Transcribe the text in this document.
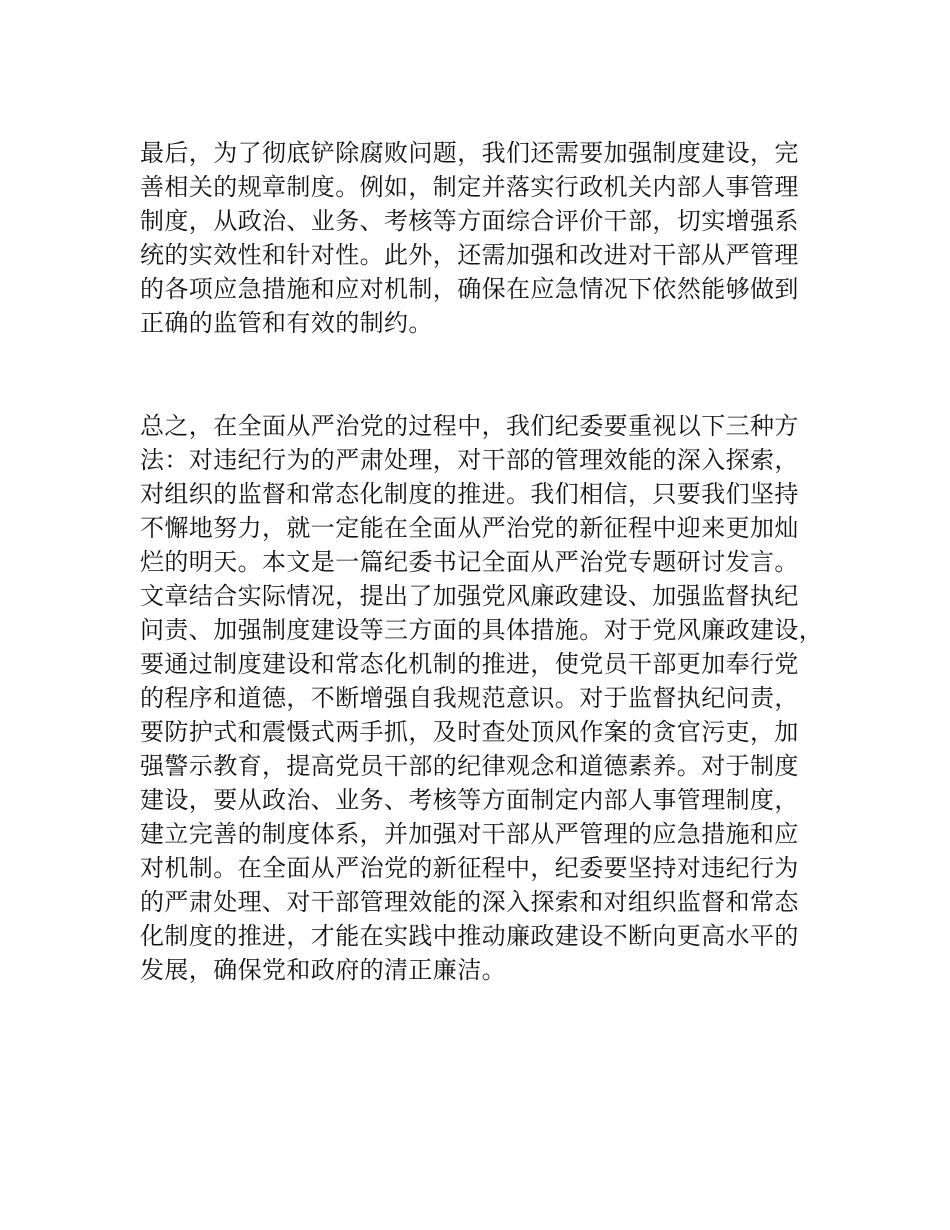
最后，为了彻底铲除腐败问题，我们还需要加强制度建设，完
善相关的规章制度。例如，制定并落实行政机关内部人事管理
制度，从政治、业务、考核等方面综合评价干部，切实增强系
统的实效性和针对性。此外，还需加强和改进对干部从严管理
的各项应急措施和应对机制，确保在应急情况下依然能够做到
正确的监管和有效的制约。
总之，在全面从严治党的过程中，我们纪委要重视以下三种方
法：对违纪行为的严肃处理，对干部的管理效能的深入探索，
对组织的监督和常态化制度的推进。我们相信，只要我们坚持
不懈地努力，就一定能在全面从严治党的新征程中迎来更加灿
烂的明天。本文是一篇纪委书记全面从严治党专题研讨发言。
文章结合实际情况，提出了加强党风廉政建设、加强监督执纪
问责、加强制度建设等三方面的具体措施。对于党风廉政建设，
要通过制度建设和常态化机制的推进，使党员干部更加奉行党
的程序和道德，不断增强自我规范意识。对于监督执纪问责，
要防护式和震慑式两手抓，及时查处顶风作案的贪官污吏，加
强警示教育，提高党员干部的纪律观念和道德素养。对于制度
建设，要从政治、业务、考核等方面制定内部人事管理制度，
建立完善的制度体系，并加强对干部从严管理的应急措施和应
对机制。在全面从严治党的新征程中，纪委要坚持对违纪行为
的严肃处理、对干部管理效能的深入探索和对组织监督和常态
化制度的推进，才能在实践中推动廉政建设不断向更高水平的
发展，确保党和政府的清正廉洁。
